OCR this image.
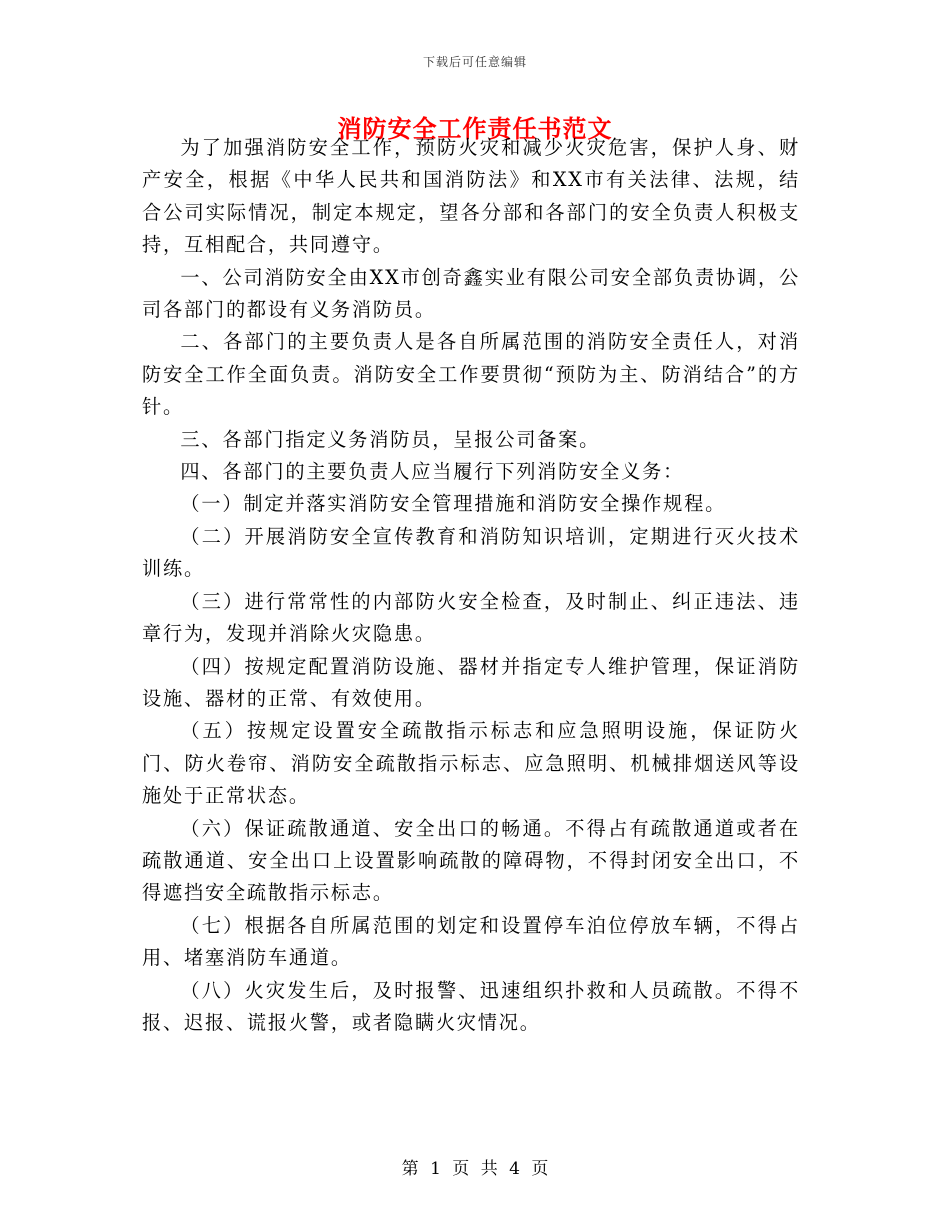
下载后可任意编辑
消防安全工作责任书范文

为了加强消防安全工作，预防火灾和减少火灾危害，保护人身、财产安全，根据《中华人民共和国消防法》和XX市有关法律、法规，结合公司实际情况，制定本规定，望各分部和各部门的安全负责人积极支持，互相配合，共同遵守。

一、公司消防安全由XX市创奇鑫实业有限公司安全部负责协调，公司各部门的都设有义务消防员。

二、各部门的主要负责人是各自所属范围的消防安全责任人，对消防安全工作全面负责。消防安全工作要贯彻“预防为主、防消结合”的方针。

三、各部门指定义务消防员，呈报公司备案。

四、各部门的主要负责人应当履行下列消防安全义务：

（一）制定并落实消防安全管理措施和消防安全操作规程。

（二）开展消防安全宣传教育和消防知识培训，定期进行灭火技术训练。

（三）进行常常性的内部防火安全检查，及时制止、纠正违法、违章行为，发现并消除火灾隐患。

（四）按规定配置消防设施、器材并指定专人维护管理，保证消防设施、器材的正常、有效使用。

（五）按规定设置安全疏散指示标志和应急照明设施，保证防火门、防火卷帘、消防安全疏散指示标志、应急照明、机械排烟送风等设施处于正常状态。

（六）保证疏散通道、安全出口的畅通。不得占有疏散通道或者在疏散通道、安全出口上设置影响疏散的障碍物，不得封闭安全出口，不得遮挡安全疏散指示标志。

（七）根据各自所属范围的划定和设置停车泊位停放车辆，不得占用、堵塞消防车通道。

（八）火灾发生后，及时报警、迅速组织扑救和人员疏散。不得不报、迟报、谎报火警，或者隐瞒火灾情况。

第 1 页 共 4 页
